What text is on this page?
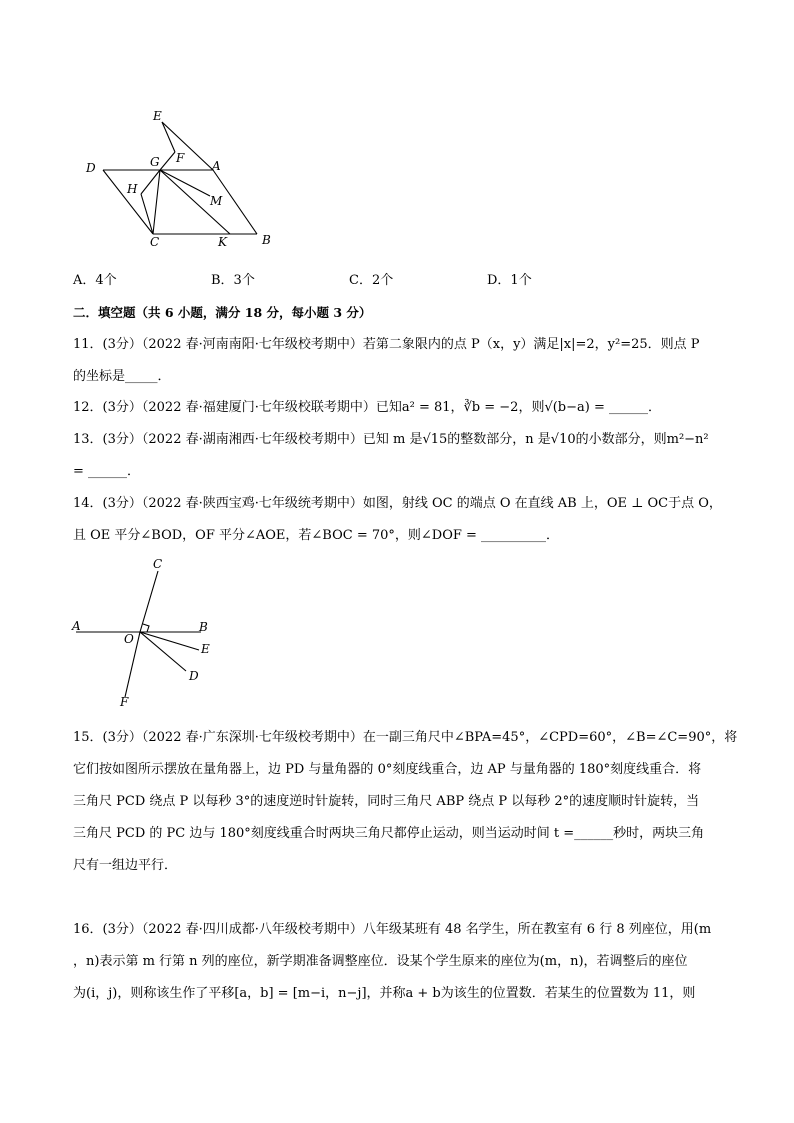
E
F
G	A
D
H
M
C	K	B
A．4个	B．3个	C．2个	D．1个
二．填空题（共 6 小题，满分 18 分，每小题 3 分）
11．(3分）（2022 春·河南南阳·七年级校考期中）若第二象限内的点 P（x，y）满足|x|=2，y²=25．则点 P
的坐标是_____．
12．(3分）（2022 春·福建厦门·七年级校联考期中）已知a² = 81，∛b = −2，则√(b−a) = ______．
13．(3分）（2022 春·湖南湘西·七年级校考期中）已知 m 是√15的整数部分，n 是√10的小数部分，则m²−n²
= ______．
14．(3分）（2022 春·陕西宝鸡·七年级统考期中）如图，射线 OC 的端点 O 在直线 AB 上，OE ⊥ OC于点 O，
且 OE 平分∠BOD，OF 平分∠AOE，若∠BOC = 70°，则∠DOF = __________．
C
A
O
B
E
D
F
15．(3分）（2022 春·广东深圳·七年级校考期中）在一副三角尺中∠BPA=45°，∠CPD=60°，∠B=∠C=90°，将
它们按如图所示摆放在量角器上，边 PD 与量角器的 0°刻度线重合，边 AP 与量角器的 180°刻度线重合．将
三角尺 PCD 绕点 P 以每秒 3°的速度逆时针旋转，同时三角尺 ABP 绕点 P 以每秒 2°的速度顺时针旋转，当
三角尺 PCD 的 PC 边与 180°刻度线重合时两块三角尺都停止运动，则当运动时间 t =______秒时，两块三角
尺有一组边平行．
16．(3分）（2022 春·四川成都·八年级校考期中）八年级某班有 48 名学生，所在教室有 6 行 8 列座位，用(m
，n)表示第 m 行第 n 列的座位，新学期准备调整座位．设某个学生原来的座位为(m，n)，若调整后的座位
为(i，j)，则称该生作了平移[a，b] = [m−i，n−j]，并称a + b为该生的位置数．若某生的位置数为 11，则
